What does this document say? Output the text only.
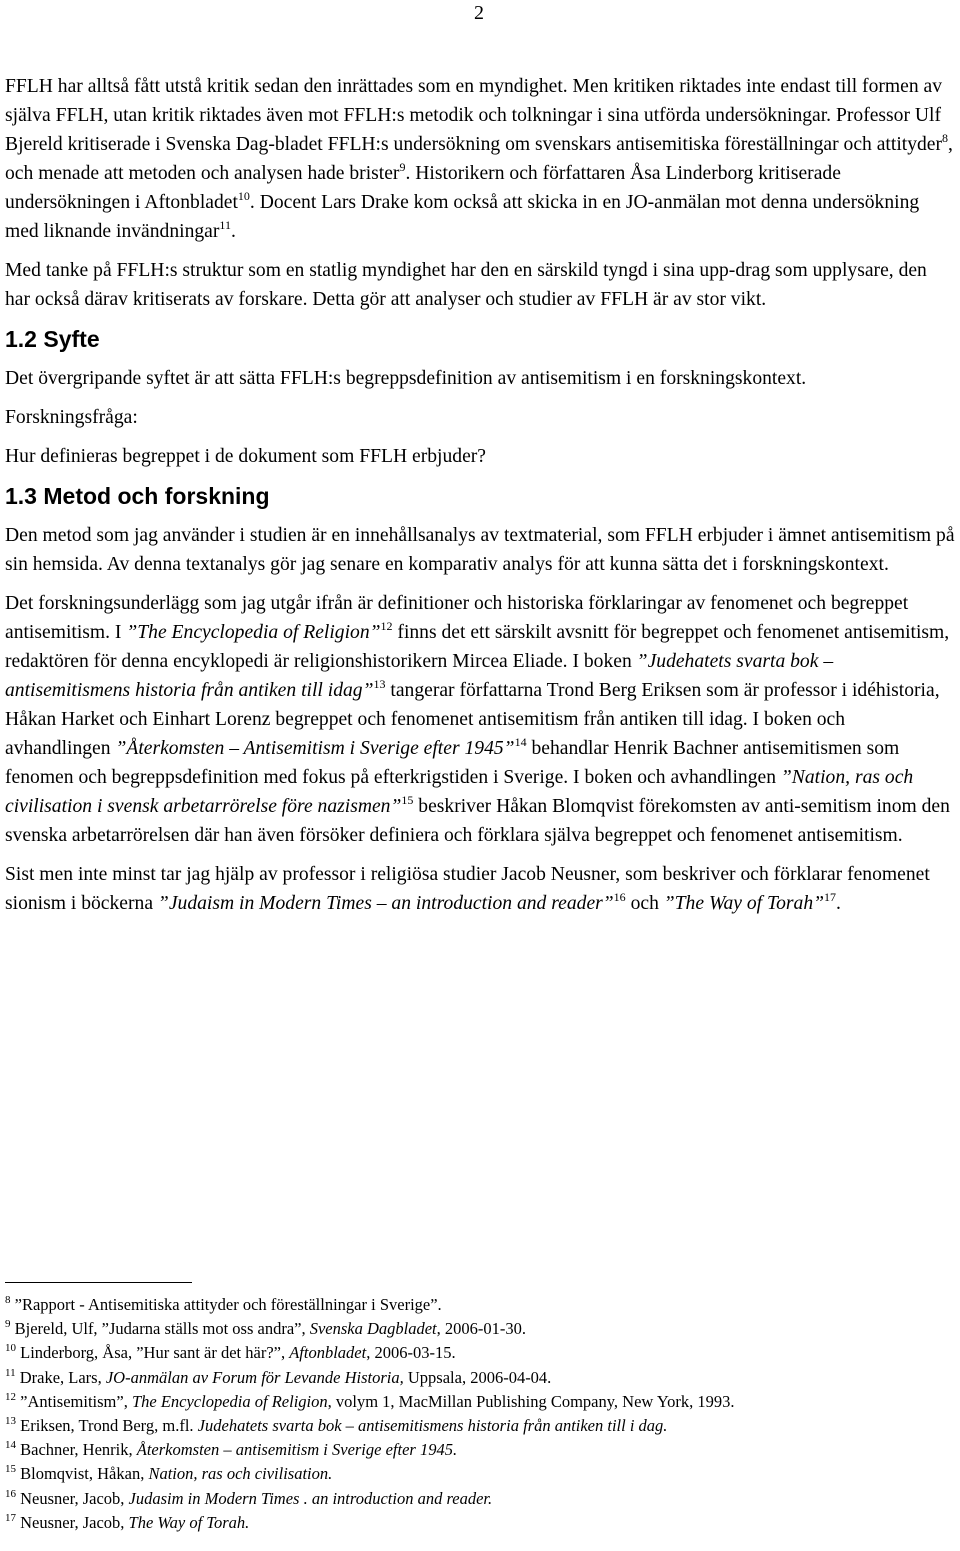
2

FFLH har alltså fått utstå kritik sedan den inrättades som en myndighet. Men kritiken riktades inte endast till formen av själva FFLH, utan kritik riktades även mot FFLH:s metodik och tolkningar i sina utförda undersökningar. Professor Ulf Bjereld kritiserade i Svenska Dag-bladet FFLH:s undersökning om svenskars antisemitiska föreställningar och attityder$^8$, och menade att metoden och analysen hade brister$^9$. Historikern och författaren Åsa Linderborg kritiserade undersökningen i Aftonbladet$^{10}$. Docent Lars Drake kom också att skicka in en JO-anmälan mot denna undersökning med liknande invändningar$^{11}$.

Med tanke på FFLH:s struktur som en statlig myndighet har den en särskild tyngd i sina upp-drag som upplysare, den har också därav kritiserats av forskare. Detta gör att analyser och studier av FFLH är av stor vikt.

1.2 Syfte

Det övergripande syftet är att sätta FFLH:s begreppsdefinition av antisemitism i en forskningskontext.

Forskningsfråga:

Hur definieras begreppet i de dokument som FFLH erbjuder?

1.3 Metod och forskning

Den metod som jag använder i studien är en innehållsanalys av textmaterial, som FFLH erbjuder i ämnet antisemitism på sin hemsida. Av denna textanalys gör jag senare en komparativ analys för att kunna sätta det i forskningskontext.

Det forskningsunderlägg som jag utgår ifrån är definitioner och historiska förklaringar av fenomenet och begreppet antisemitism. I ”The Encyclopedia of Religion”$^{12}$ finns det ett särskilt avsnitt för begreppet och fenomenet antisemitism, redaktören för denna encyklopedi är religionshistorikern Mircea Eliade. I boken ”Judehatets svarta bok – antisemitismens historia från antiken till idag”$^{13}$ tangerar författarna Trond Berg Eriksen som är professor i idéhistoria, Håkan Harket och Einhart Lorenz begreppet och fenomenet antisemitism från antiken till idag. I boken och avhandlingen ”Återkomsten – Antisemitism i Sverige efter 1945”$^{14}$ behandlar Henrik Bachner antisemitismen som fenomen och begreppsdefinition med fokus på efterkrigstiden i Sverige. I boken och avhandlingen ”Nation, ras och civilisation i svensk arbetarrörelse före nazismen”$^{15}$ beskriver Håkan Blomqvist förekomsten av anti-semitism inom den svenska arbetarrörelsen där han även försöker definiera och förklara själva begreppet och fenomenet antisemitism.

Sist men inte minst tar jag hjälp av professor i religiösa studier Jacob Neusner, som beskriver och förklarar fenomenet sionism i böckerna ”Judaism in Modern Times – an introduction and reader”$^{16}$ och ”The Way of Torah”$^{17}$.

$^8$ ”Rapport - Antisemitiska attityder och föreställningar i Sverige”.
$^9$ Bjereld, Ulf, ”Judarna ställs mot oss andra”, Svenska Dagbladet, 2006-01-30.
$^{10}$ Linderborg, Åsa, ”Hur sant är det här?”, Aftonbladet, 2006-03-15.
$^{11}$ Drake, Lars, JO-anmälan av Forum för Levande Historia, Uppsala, 2006-04-04.
$^{12}$ ”Antisemitism”, The Encyclopedia of Religion, volym 1, MacMillan Publishing Company, New York, 1993.
$^{13}$ Eriksen, Trond Berg, m.fl. Judehatets svarta bok – antisemitismens historia från antiken till i dag.
$^{14}$ Bachner, Henrik, Återkomsten – antisemitism i Sverige efter 1945.
$^{15}$ Blomqvist, Håkan, Nation, ras och civilisation.
$^{16}$ Neusner, Jacob, Judasim in Modern Times . an introduction and reader.
$^{17}$ Neusner, Jacob, The Way of Torah.
